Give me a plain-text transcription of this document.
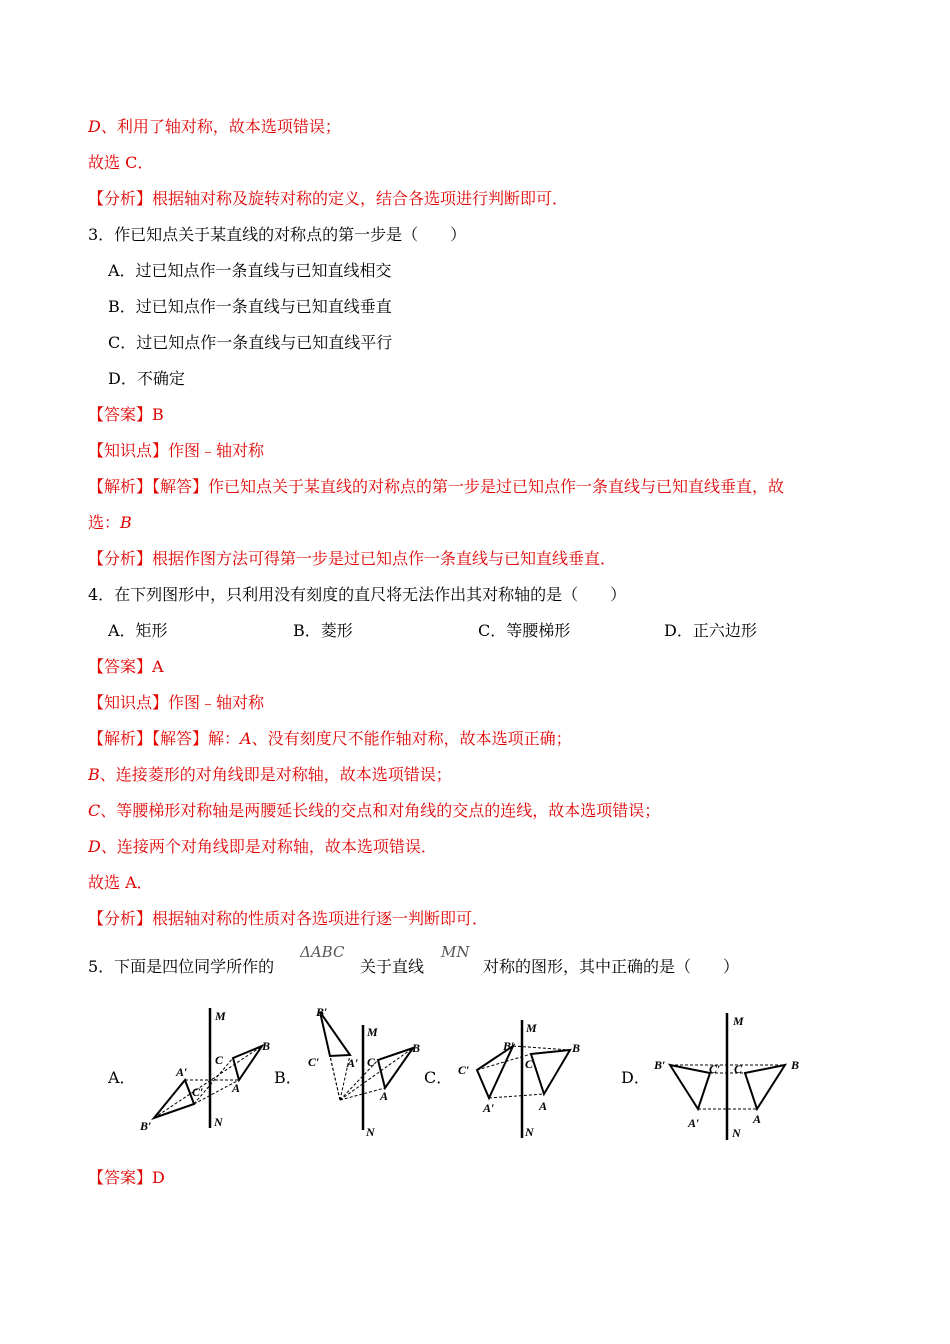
D、利用了轴对称，故本选项错误；
故选 C．
【分析】根据轴对称及旋转对称的定义，结合各选项进行判断即可．
3．作已知点关于某直线的对称点的第一步是（　　）
A．过已知点作一条直线与已知直线相交
B．过已知点作一条直线与已知直线垂直
C．过已知点作一条直线与已知直线平行
D．不确定
【答案】B
【知识点】作图﹣轴对称
【解析】【解答】作已知点关于某直线的对称点的第一步是过已知点作一条直线与已知直线垂直，故
选：B
【分析】根据作图方法可得第一步是过已知点作一条直线与已知直线垂直．
4．在下列图形中，只利用没有刻度的直尺将无法作出其对称轴的是（　　）
A．矩形	B．菱形	C．等腰梯形	D．正六边形
【答案】A
【知识点】作图﹣轴对称
【解析】【解答】解：A、没有刻度尺不能作轴对称，故本选项正确；
B、连接菱形的对角线即是对称轴，故本选项错误；
C、等腰梯形对称轴是两腰延长线的交点和对角线的交点的连线，故本选项错误；
D、连接两个对角线即是对称轴，故本选项错误．
故选 A．
【分析】根据轴对称的性质对各选项进行逐一判断即可．
5．下面是四位同学所作的
ΔABC
关于直线
MN
对称的图形，其中正确的是（　　）
A．	B．	C．	D．
M
N
A′
B′
C′ A
B
C
M
N
B′
C′ A′ C
B
A
M
N
B′
C′
A′
C
B
A
M
N
B′	C′
A′
C	B
A
【答案】D
